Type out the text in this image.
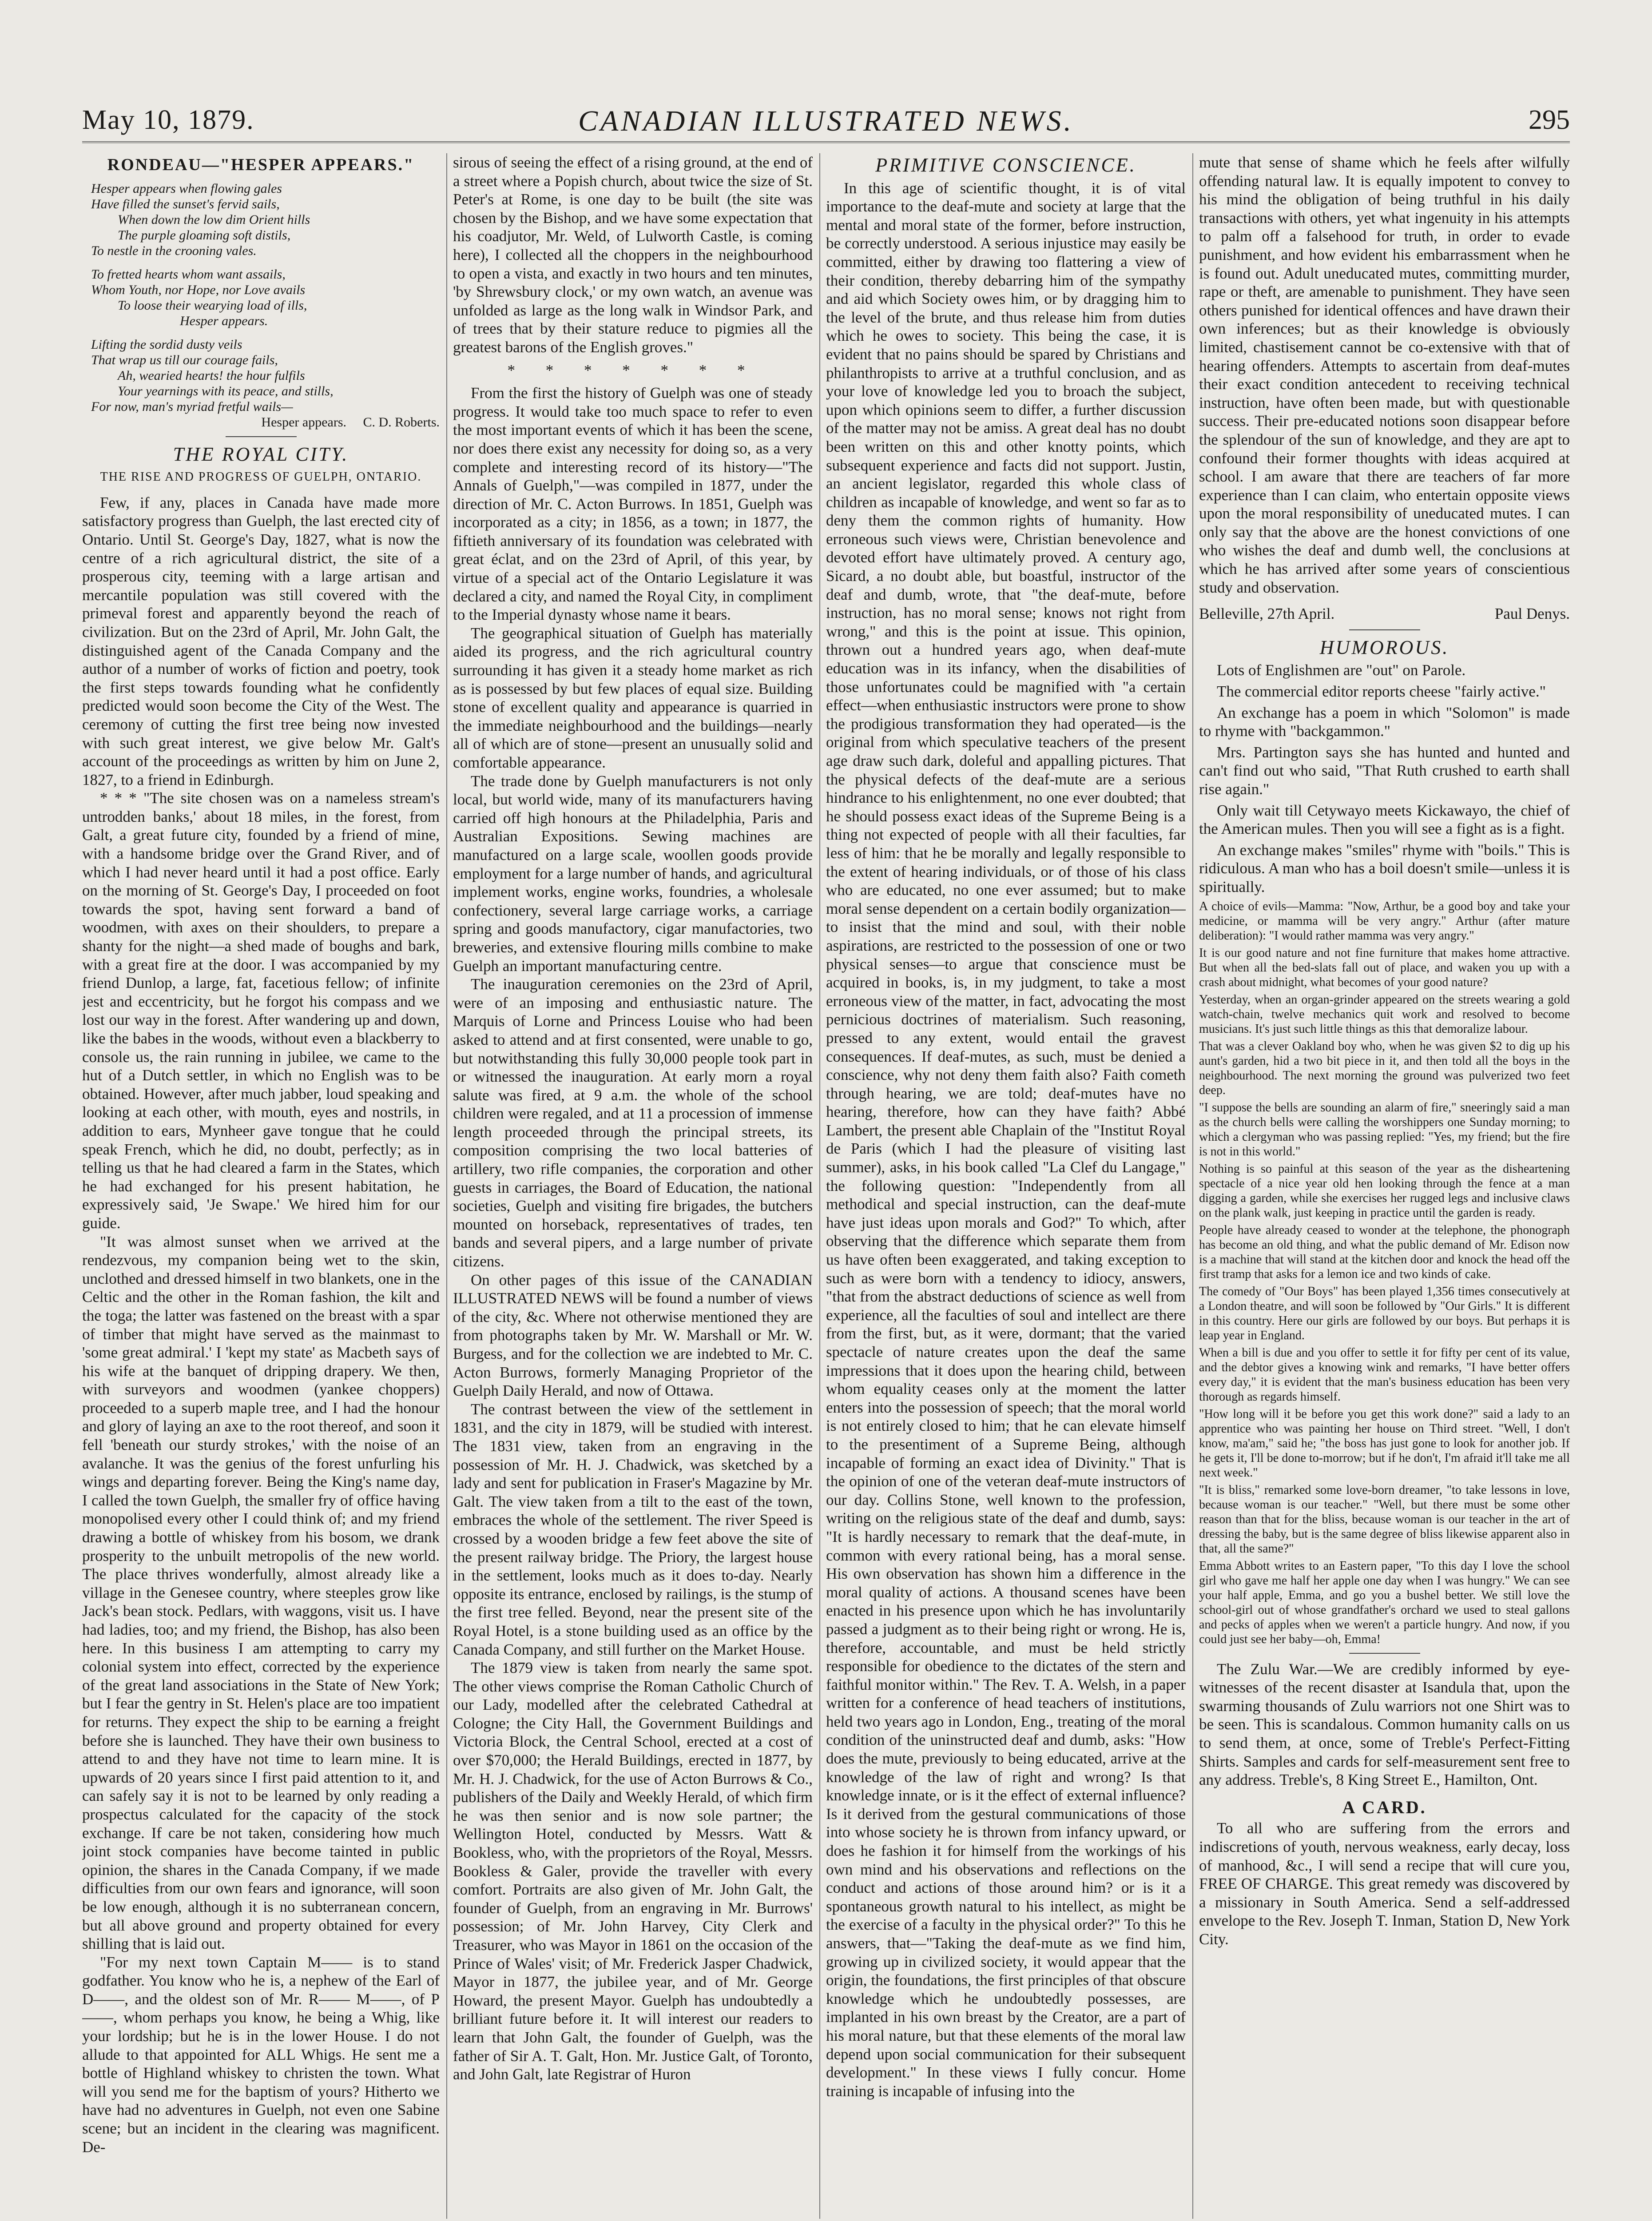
May 10, 1879.	CANADIAN ILLUSTRATED NEWS.	295
RONDEAU—"HESPER APPEARS."

Hesper appears when flowing gales

Have filled the sunset's fervid sails,

When down the low dim Orient hills

The purple gloaming soft distils,

To nestle in the crooning vales.

To fretted hearts whom want assails,

Whom Youth, nor Hope, nor Love avails

To loose their wearying load of ills,

Hesper appears.

Lifting the sordid dusty veils

That wrap us till our courage fails,

Ah, wearied hearts! the hour fulfils

Your yearnings with its peace, and stills,

For now, man's myriad fretful wails—

Hesper appears. C. D. Roberts.

THE ROYAL CITY.
THE RISE AND PROGRESS OF GUELPH, ONTARIO.

Few, if any, places in Canada have made more satisfactory progress than Guelph, the last erected city of Ontario. Until St. George's Day, 1827, what is now the centre of a rich agricultural district, the site of a prosperous city, teeming with a large artisan and mercantile population was still covered with the primeval forest and apparently beyond the reach of civilization. But on the 23rd of April, Mr. John Galt, the distinguished agent of the Canada Company and the author of a number of works of fiction and poetry, took the first steps towards founding what he confidently predicted would soon become the City of the West. The ceremony of cutting the first tree being now invested with such great interest, we give below Mr. Galt's account of the proceedings as written by him on June 2, 1827, to a friend in Edinburgh.

* * * "The site chosen was on a nameless stream's untrodden banks,' about 18 miles, in the forest, from Galt, a great future city, founded by a friend of mine, with a handsome bridge over the Grand River, and of which I had never heard until it had a post office. Early on the morning of St. George's Day, I proceeded on foot towards the spot, having sent forward a band of woodmen, with axes on their shoulders, to prepare a shanty for the night—a shed made of boughs and bark, with a great fire at the door. I was accompanied by my friend Dunlop, a large, fat, facetious fellow; of infinite jest and eccentricity, but he forgot his compass and we lost our way in the forest. After wandering up and down, like the babes in the woods, without even a blackberry to console us, the rain running in jubilee, we came to the hut of a Dutch settler, in which no English was to be obtained. However, after much jabber, loud speaking and looking at each other, with mouth, eyes and nostrils, in addition to ears, Mynheer gave tongue that he could speak French, which he did, no doubt, perfectly; as in telling us that he had cleared a farm in the States, which he had exchanged for his present habitation, he expressively said, 'Je Swape.' We hired him for our guide.

"It was almost sunset when we arrived at the rendezvous, my companion being wet to the skin, unclothed and dressed himself in two blankets, one in the Celtic and the other in the Roman fashion, the kilt and the toga; the latter was fastened on the breast with a spar of timber that might have served as the mainmast to 'some great admiral.' I 'kept my state' as Macbeth says of his wife at the banquet of dripping drapery. We then, with surveyors and woodmen (yankee choppers) proceeded to a superb maple tree, and I had the honour and glory of laying an axe to the root thereof, and soon it fell 'beneath our sturdy strokes,' with the noise of an avalanche. It was the genius of the forest unfurling his wings and departing forever. Being the King's name day, I called the town Guelph, the smaller fry of office having monopolised every other I could think of; and my friend drawing a bottle of whiskey from his bosom, we drank prosperity to the unbuilt metropolis of the new world. The place thrives wonderfully, almost already like a village in the Genesee country, where steeples grow like Jack's bean stock. Pedlars, with waggons, visit us. I have had ladies, too; and my friend, the Bishop, has also been here. In this business I am attempting to carry my colonial system into effect, corrected by the experience of the great land associations in the State of New York; but I fear the gentry in St. Helen's place are too impatient for returns. They expect the ship to be earning a freight before she is launched. They have their own business to attend to and they have not time to learn mine. It is upwards of 20 years since I first paid attention to it, and can safely say it is not to be learned by only reading a prospectus calculated for the capacity of the stock exchange. If care be not taken, considering how much joint stock companies have become tainted in public opinion, the shares in the Canada Company, if we made difficulties from our own fears and ignorance, will soon be low enough, although it is no subterranean concern, but all above ground and property obtained for every shilling that is laid out.

"For my next town Captain M—— is to stand godfather. You know who he is, a nephew of the Earl of D——, and the oldest son of Mr. R—— M——, of P——, whom perhaps you know, he being a Whig, like your lordship; but he is in the lower House. I do not allude to that appointed for ALL Whigs. He sent me a bottle of Highland whiskey to christen the town. What will you send me for the baptism of yours? Hitherto we have had no adventures in Guelph, not even one Sabine scene; but an incident in the clearing was magnificent. De-

sirous of seeing the effect of a rising ground, at the end of a street where a Popish church, about twice the size of St. Peter's at Rome, is one day to be built (the site was chosen by the Bishop, and we have some expectation that his coadjutor, Mr. Weld, of Lulworth Castle, is coming here), I collected all the choppers in the neighbourhood to open a vista, and exactly in two hours and ten minutes, 'by Shrewsbury clock,' or my own watch, an avenue was unfolded as large as the long walk in Windsor Park, and of trees that by their stature reduce to pigmies all the greatest barons of the English groves."

* * * * * * *

From the first the history of Guelph was one of steady progress. It would take too much space to refer to even the most important events of which it has been the scene, nor does there exist any necessity for doing so, as a very complete and interesting record of its history—"The Annals of Guelph,"—was compiled in 1877, under the direction of Mr. C. Acton Burrows. In 1851, Guelph was incorporated as a city; in 1856, as a town; in 1877, the fiftieth anniversary of its foundation was celebrated with great éclat, and on the 23rd of April, of this year, by virtue of a special act of the Ontario Legislature it was declared a city, and named the Royal City, in compliment to the Imperial dynasty whose name it bears.

The geographical situation of Guelph has materially aided its progress, and the rich agricultural country surrounding it has given it a steady home market as rich as is possessed by but few places of equal size. Building stone of excellent quality and appearance is quarried in the immediate neighbourhood and the buildings—nearly all of which are of stone—present an unusually solid and comfortable appearance.

The trade done by Guelph manufacturers is not only local, but world wide, many of its manufacturers having carried off high honours at the Philadelphia, Paris and Australian Expositions. Sewing machines are manufactured on a large scale, woollen goods provide employment for a large number of hands, and agricultural implement works, engine works, foundries, a wholesale confectionery, several large carriage works, a carriage spring and goods manufactory, cigar manufactories, two breweries, and extensive flouring mills combine to make Guelph an important manufacturing centre.

The inauguration ceremonies on the 23rd of April, were of an imposing and enthusiastic nature. The Marquis of Lorne and Princess Louise who had been asked to attend and at first consented, were unable to go, but notwithstanding this fully 30,000 people took part in or witnessed the inauguration. At early morn a royal salute was fired, at 9 a.m. the whole of the school children were regaled, and at 11 a procession of immense length proceeded through the principal streets, its composition comprising the two local batteries of artillery, two rifle companies, the corporation and other guests in carriages, the Board of Education, the national societies, Guelph and visiting fire brigades, the butchers mounted on horseback, representatives of trades, ten bands and several pipers, and a large number of private citizens.

On other pages of this issue of the CANADIAN ILLUSTRATED NEWS will be found a number of views of the city, &c. Where not otherwise mentioned they are from photographs taken by Mr. W. Marshall or Mr. W. Burgess, and for the collection we are indebted to Mr. C. Acton Burrows, formerly Managing Proprietor of the Guelph Daily Herald, and now of Ottawa.

The contrast between the view of the settlement in 1831, and the city in 1879, will be studied with interest. The 1831 view, taken from an engraving in the possession of Mr. H. J. Chadwick, was sketched by a lady and sent for publication in Fraser's Magazine by Mr. Galt. The view taken from a tilt to the east of the town, embraces the whole of the settlement. The river Speed is crossed by a wooden bridge a few feet above the site of the present railway bridge. The Priory, the largest house in the settlement, looks much as it does to-day. Nearly opposite its entrance, enclosed by railings, is the stump of the first tree felled. Beyond, near the present site of the Royal Hotel, is a stone building used as an office by the Canada Company, and still further on the Market House.

The 1879 view is taken from nearly the same spot. The other views comprise the Roman Catholic Church of our Lady, modelled after the celebrated Cathedral at Cologne; the City Hall, the Government Buildings and Victoria Block, the Central School, erected at a cost of over $70,000; the Herald Buildings, erected in 1877, by Mr. H. J. Chadwick, for the use of Acton Burrows & Co., publishers of the Daily and Weekly Herald, of which firm he was then senior and is now sole partner; the Wellington Hotel, conducted by Messrs. Watt & Bookless, who, with the proprietors of the Royal, Messrs. Bookless & Galer, provide the traveller with every comfort. Portraits are also given of Mr. John Galt, the founder of Guelph, from an engraving in Mr. Burrows' possession; of Mr. John Harvey, City Clerk and Treasurer, who was Mayor in 1861 on the occasion of the Prince of Wales' visit; of Mr. Frederick Jasper Chadwick, Mayor in 1877, the jubilee year, and of Mr. George Howard, the present Mayor. Guelph has undoubtedly a brilliant future before it. It will interest our readers to learn that John Galt, the founder of Guelph, was the father of Sir A. T. Galt, Hon. Mr. Justice Galt, of Toronto, and John Galt, late Registrar of Huron

PRIMITIVE CONSCIENCE.

In this age of scientific thought, it is of vital importance to the deaf-mute and society at large that the mental and moral state of the former, before instruction, be correctly understood. A serious injustice may easily be committed, either by drawing too flattering a view of their condition, thereby debarring him of the sympathy and aid which Society owes him, or by dragging him to the level of the brute, and thus release him from duties which he owes to society. This being the case, it is evident that no pains should be spared by Christians and philanthropists to arrive at a truthful conclusion, and as your love of knowledge led you to broach the subject, upon which opinions seem to differ, a further discussion of the matter may not be amiss. A great deal has no doubt been written on this and other knotty points, which subsequent experience and facts did not support. Justin, an ancient legislator, regarded this whole class of children as incapable of knowledge, and went so far as to deny them the common rights of humanity. How erroneous such views were, Christian benevolence and devoted effort have ultimately proved. A century ago, Sicard, a no doubt able, but boastful, instructor of the deaf and dumb, wrote, that "the deaf-mute, before instruction, has no moral sense; knows not right from wrong," and this is the point at issue. This opinion, thrown out a hundred years ago, when deaf-mute education was in its infancy, when the disabilities of those unfortunates could be magnified with "a certain effect—when enthusiastic instructors were prone to show the prodigious transformation they had operated—is the original from which speculative teachers of the present age draw such dark, doleful and appalling pictures. That the physical defects of the deaf-mute are a serious hindrance to his enlightenment, no one ever doubted; that he should possess exact ideas of the Supreme Being is a thing not expected of people with all their faculties, far less of him: that he be morally and legally responsible to the extent of hearing individuals, or of those of his class who are educated, no one ever assumed; but to make moral sense dependent on a certain bodily organization—to insist that the mind and soul, with their noble aspirations, are restricted to the possession of one or two physical senses—to argue that conscience must be acquired in books, is, in my judgment, to take a most erroneous view of the matter, in fact, advocating the most pernicious doctrines of materialism. Such reasoning, pressed to any extent, would entail the gravest consequences. If deaf-mutes, as such, must be denied a conscience, why not deny them faith also? Faith cometh through hearing, we are told; deaf-mutes have no hearing, therefore, how can they have faith? Abbé Lambert, the present able Chaplain of the "Institut Royal de Paris (which I had the pleasure of visiting last summer), asks, in his book called "La Clef du Langage," the following question: "Independently from all methodical and special instruction, can the deaf-mute have just ideas upon morals and God?" To which, after observing that the difference which separate them from us have often been exaggerated, and taking exception to such as were born with a tendency to idiocy, answers, "that from the abstract deductions of science as well from experience, all the faculties of soul and intellect are there from the first, but, as it were, dormant; that the varied spectacle of nature creates upon the deaf the same impressions that it does upon the hearing child, between whom equality ceases only at the moment the latter enters into the possession of speech; that the moral world is not entirely closed to him; that he can elevate himself to the presentiment of a Supreme Being, although incapable of forming an exact idea of Divinity." That is the opinion of one of the veteran deaf-mute instructors of our day. Collins Stone, well known to the profession, writing on the religious state of the deaf and dumb, says: "It is hardly necessary to remark that the deaf-mute, in common with every rational being, has a moral sense. His own observation has shown him a difference in the moral quality of actions. A thousand scenes have been enacted in his presence upon which he has involuntarily passed a judgment as to their being right or wrong. He is, therefore, accountable, and must be held strictly responsible for obedience to the dictates of the stern and faithful monitor within." The Rev. T. A. Welsh, in a paper written for a conference of head teachers of institutions, held two years ago in London, Eng., treating of the moral condition of the uninstructed deaf and dumb, asks: "How does the mute, previously to being educated, arrive at the knowledge of the law of right and wrong? Is that knowledge innate, or is it the effect of external influence? Is it derived from the gestural communications of those into whose society he is thrown from infancy upward, or does he fashion it for himself from the workings of his own mind and his observations and reflections on the conduct and actions of those around him? or is it a spontaneous growth natural to his intellect, as might be the exercise of a faculty in the physical order?" To this he answers, that—"Taking the deaf-mute as we find him, growing up in civilized society, it would appear that the origin, the foundations, the first principles of that obscure knowledge which he undoubtedly possesses, are implanted in his own breast by the Creator, are a part of his moral nature, but that these elements of the moral law depend upon social communication for their subsequent development." In these views I fully concur. Home training is incapable of infusing into the

mute that sense of shame which he feels after wilfully offending natural law. It is equally impotent to convey to his mind the obligation of being truthful in his daily transactions with others, yet what ingenuity in his attempts to palm off a falsehood for truth, in order to evade punishment, and how evident his embarrassment when he is found out. Adult uneducated mutes, committing murder, rape or theft, are amenable to punishment. They have seen others punished for identical offences and have drawn their own inferences; but as their knowledge is obviously limited, chastisement cannot be co-extensive with that of hearing offenders. Attempts to ascertain from deaf-mutes their exact condition antecedent to receiving technical instruction, have often been made, but with questionable success. Their pre-educated notions soon disappear before the splendour of the sun of knowledge, and they are apt to confound their former thoughts with ideas acquired at school. I am aware that there are teachers of far more experience than I can claim, who entertain opposite views upon the moral responsibility of uneducated mutes. I can only say that the above are the honest convictions of one who wishes the deaf and dumb well, the conclusions at which he has arrived after some years of conscientious study and observation.

Belleville, 27th April.	Paul Denys.
HUMOROUS.

Lots of Englishmen are "out" on Parole.

The commercial editor reports cheese "fairly active."

An exchange has a poem in which "Solomon" is made to rhyme with "backgammon."

Mrs. Partington says she has hunted and hunted and can't find out who said, "That Ruth crushed to earth shall rise again."

Only wait till Cetywayo meets Kickawayo, the chief of the American mules. Then you will see a fight as is a fight.

An exchange makes "smiles" rhyme with "boils." This is ridiculous. A man who has a boil doesn't smile—unless it is spiritually.

A choice of evils—Mamma: "Now, Arthur, be a good boy and take your medicine, or mamma will be very angry." Arthur (after mature deliberation): "I would rather mamma was very angry."

It is our good nature and not fine furniture that makes home attractive. But when all the bed-slats fall out of place, and waken you up with a crash about midnight, what becomes of your good nature?

Yesterday, when an organ-grinder appeared on the streets wearing a gold watch-chain, twelve mechanics quit work and resolved to become musicians. It's just such little things as this that demoralize labour.

That was a clever Oakland boy who, when he was given $2 to dig up his aunt's garden, hid a two bit piece in it, and then told all the boys in the neighbourhood. The next morning the ground was pulverized two feet deep.

"I suppose the bells are sounding an alarm of fire," sneeringly said a man as the church bells were calling the worshippers one Sunday morning; to which a clergyman who was passing replied: "Yes, my friend; but the fire is not in this world."

Nothing is so painful at this season of the year as the disheartening spectacle of a nice year old hen looking through the fence at a man digging a garden, while she exercises her rugged legs and inclusive claws on the plank walk, just keeping in practice until the garden is ready.

People have already ceased to wonder at the telephone, the phonograph has become an old thing, and what the public demand of Mr. Edison now is a machine that will stand at the kitchen door and knock the head off the first tramp that asks for a lemon ice and two kinds of cake.

The comedy of "Our Boys" has been played 1,356 times consecutively at a London theatre, and will soon be followed by "Our Girls." It is different in this country. Here our girls are followed by our boys. But perhaps it is leap year in England.

When a bill is due and you offer to settle it for fifty per cent of its value, and the debtor gives a knowing wink and remarks, "I have better offers every day," it is evident that the man's business education has been very thorough as regards himself.

"How long will it be before you get this work done?" said a lady to an apprentice who was painting her house on Third street. "Well, I don't know, ma'am," said he; "the boss has just gone to look for another job. If he gets it, I'll be done to-morrow; but if he don't, I'm afraid it'll take me all next week."

"It is bliss," remarked some love-born dreamer, "to take lessons in love, because woman is our teacher." "Well, but there must be some other reason than that for the bliss, because woman is our teacher in the art of dressing the baby, but is the same degree of bliss likewise apparent also in that, all the same?"

Emma Abbott writes to an Eastern paper, "To this day I love the school girl who gave me half her apple one day when I was hungry." We can see your half apple, Emma, and go you a bushel better. We still love the school-girl out of whose grandfather's orchard we used to steal gallons and pecks of apples when we weren't a particle hungry. And now, if you could just see her baby—oh, Emma!

The Zulu War.—We are credibly informed by eye-witnesses of the recent disaster at Isandula that, upon the swarming thousands of Zulu warriors not one Shirt was to be seen. This is scandalous. Common humanity calls on us to send them, at once, some of Treble's Perfect-Fitting Shirts. Samples and cards for self-measurement sent free to any address. Treble's, 8 King Street E., Hamilton, Ont.

A CARD.

To all who are suffering from the errors and indiscretions of youth, nervous weakness, early decay, loss of manhood, &c., I will send a recipe that will cure you, FREE OF CHARGE. This great remedy was discovered by a missionary in South America. Send a self-addressed envelope to the Rev. Joseph T. Inman, Station D, New York City.
